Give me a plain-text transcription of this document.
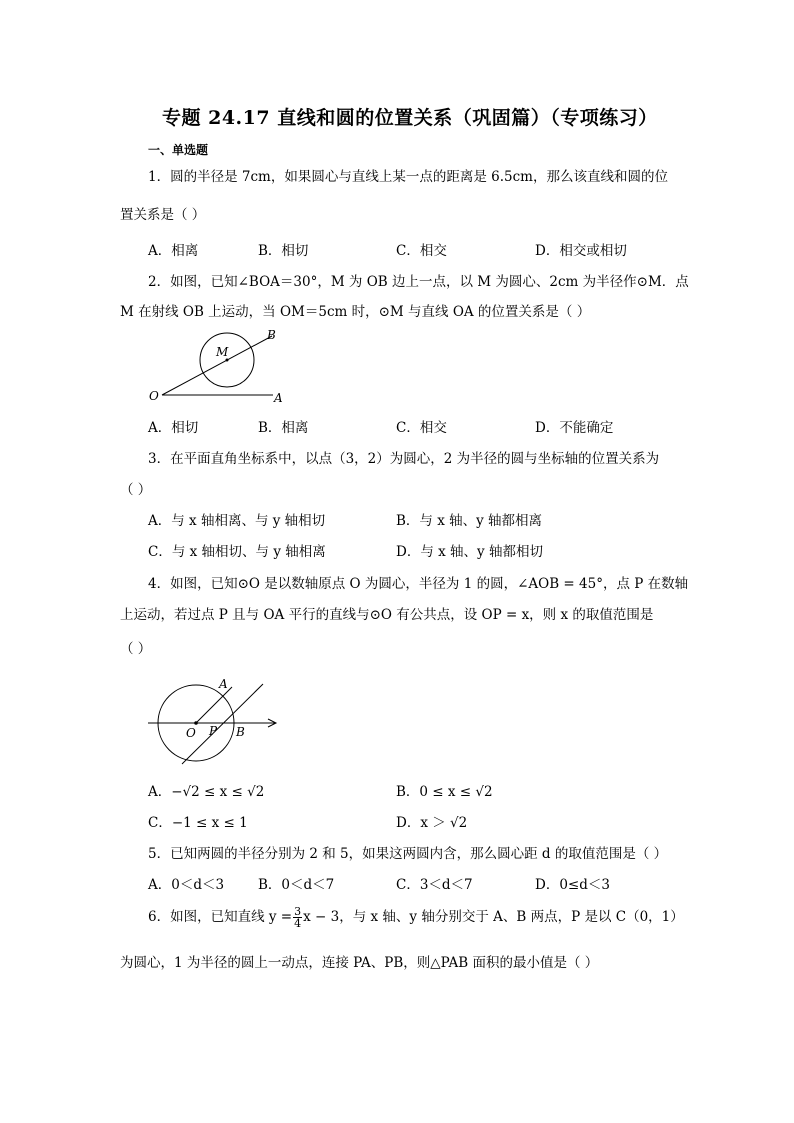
专题 24.17 直线和圆的位置关系（巩固篇）（专项练习）
一、单选题
1．圆的半径是 7cm，如果圆心与直线上某一点的距离是 6.5cm，那么该直线和圆的位
置关系是（ ）
A．相离	B．相切	C．相交	D．相交或相切
2．如图，已知∠BOA＝30°，M 为 OB 边上一点，以 M 为圆心、2cm 为半径作⊙M．点
M 在射线 OB 上运动，当 OM＝5cm 时，⊙M 与直线 OA 的位置关系是（ ）
M
B
O	A
A．相切	B．相离	C．相交	D．不能确定
3．在平面直角坐标系中，以点（3，2）为圆心，2 为半径的圆与坐标轴的位置关系为
（ ）
A．与 x 轴相离、与 y 轴相切	B．与 x 轴、y 轴都相离
C．与 x 轴相切、与 y 轴相离	D．与 x 轴、y 轴都相切
4．如图，已知⊙O 是以数轴原点 O 为圆心，半径为 1 的圆，∠AOB = 45°，点 P 在数轴
上运动，若过点 P 且与 OA 平行的直线与⊙O 有公共点，设 OP = x，则 x 的取值范围是
（ ）
A
O P B
A．−√2 ≤ x ≤ √2	B．0 ≤ x ≤ √2
C．−1 ≤ x ≤ 1	D．x ＞ √2
5．已知两圆的半径分别为 2 和 5，如果这两圆内含，那么圆心距 d 的取值范围是（ ）
A．0＜d＜3	B．0＜d＜7	C．3＜d＜7	D．0≤d＜3
6．如图，已知直线 $y = \frac{3}{4}$ x − 3，与 x 轴、y 轴分别交于 A、B 两点，P 是以 C（0，1）
为圆心，1 为半径的圆上一动点，连接 PA、PB，则△PAB 面积的最小值是（ ）
